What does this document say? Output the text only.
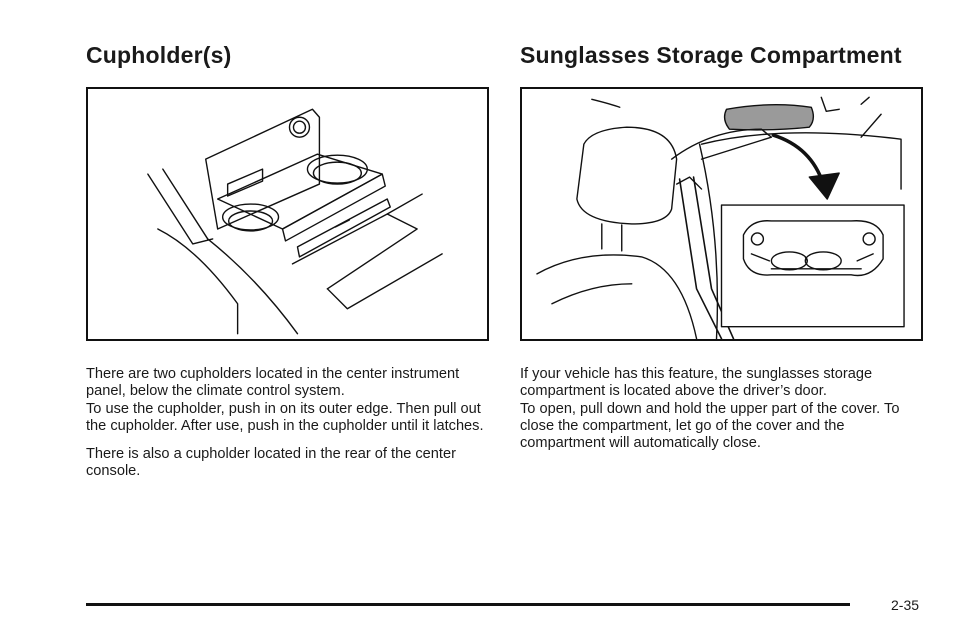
Cupholder(s)	Sunglasses Storage Compartment

There are two cupholders located in the center instrument panel, below the climate control system.
To use the cupholder, push in on its outer edge. Then pull out the cupholder. After use, push in the cupholder until it latches.

There is also a cupholder located in the rear of the center console.

If your vehicle has this feature, the sunglasses storage compartment is located above the driver’s door.
To open, pull down and hold the upper part of the cover. To close the compartment, let go of the cover and the compartment will automatically close.

2-35
